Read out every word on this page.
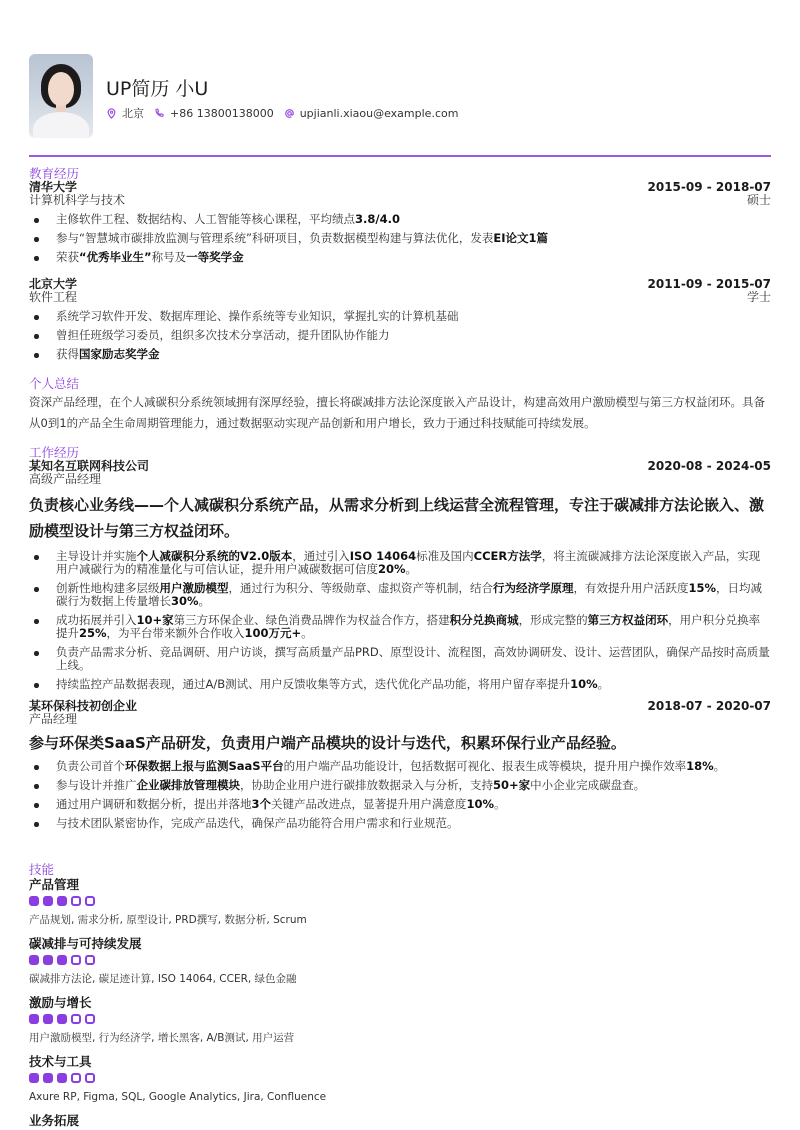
UP简历 小U
北京 +86 13800138000 upjianli.xiaou@example.com
教育经历
清华大学
计算机科学与技术
2015-09 - 2018-07
硕士
主修软件工程、数据结构、人工智能等核心课程，平均绩点3.8/4.0
参与“智慧城市碳排放监测与管理系统”科研项目，负责数据模型构建与算法优化，发表EI论文1篇
荣获“优秀毕业生”称号及一等奖学金
北京大学
软件工程
2011-09 - 2015-07
学士
系统学习软件开发、数据库理论、操作系统等专业知识，掌握扎实的计算机基础
曾担任班级学习委员，组织多次技术分享活动，提升团队协作能力
获得国家励志奖学金
个人总结
资深产品经理，在个人减碳积分系统领域拥有深厚经验，擅长将碳减排方法论深度嵌入产品设计，构建高效用户激励模型与第三方权益闭环。具备从0到1的产品全生命周期管理能力，通过数据驱动实现产品创新和用户增长，致力于通过科技赋能可持续发展。
工作经历
某知名互联网科技公司
高级产品经理
2020-08 - 2024-05
负责核心业务线——个人减碳积分系统产品，从需求分析到上线运营全流程管理，专注于碳减排方法论嵌入、激励模型设计与第三方权益闭环。
主导设计并实施个人减碳积分系统的V2.0版本，通过引入ISO 14064标准及国内CCER方法学，将主流碳减排方法论深度嵌入产品，实现用户减碳行为的精准量化与可信认证，提升用户减碳数据可信度20%。
创新性地构建多层级用户激励模型，通过行为积分、等级勋章、虚拟资产等机制，结合行为经济学原理，有效提升用户活跃度15%，日均减碳行为数据上传量增长30%。
成功拓展并引入10+家第三方环保企业、绿色消费品牌作为权益合作方，搭建积分兑换商城，形成完整的第三方权益闭环，用户积分兑换率提升25%，为平台带来额外合作收入100万元+。
负责产品需求分析、竞品调研、用户访谈，撰写高质量产品PRD、原型设计、流程图，高效协调研发、设计、运营团队，确保产品按时高质量上线。
持续监控产品数据表现，通过A/B测试、用户反馈收集等方式，迭代优化产品功能，将用户留存率提升10%。
某环保科技初创企业
产品经理
2018-07 - 2020-07
参与环保类SaaS产品研发，负责用户端产品模块的设计与迭代，积累环保行业产品经验。
负责公司首个环保数据上报与监测SaaS平台的用户端产品功能设计，包括数据可视化、报表生成等模块，提升用户操作效率18%。
参与设计并推广企业碳排放管理模块，协助企业用户进行碳排放数据录入与分析，支持50+家中小企业完成碳盘查。
通过用户调研和数据分析，提出并落地3个关键产品改进点，显著提升用户满意度10%。
与技术团队紧密协作，完成产品迭代，确保产品功能符合用户需求和行业规范。
技能
产品管理
产品规划, 需求分析, 原型设计, PRD撰写, 数据分析, Scrum
碳减排与可持续发展
碳减排方法论, 碳足迹计算, ISO 14064, CCER, 绿色金融
激励与增长
用户激励模型, 行为经济学, 增长黑客, A/B测试, 用户运营
技术与工具
Axure RP, Figma, SQL, Google Analytics, Jira, Confluence
业务拓展
